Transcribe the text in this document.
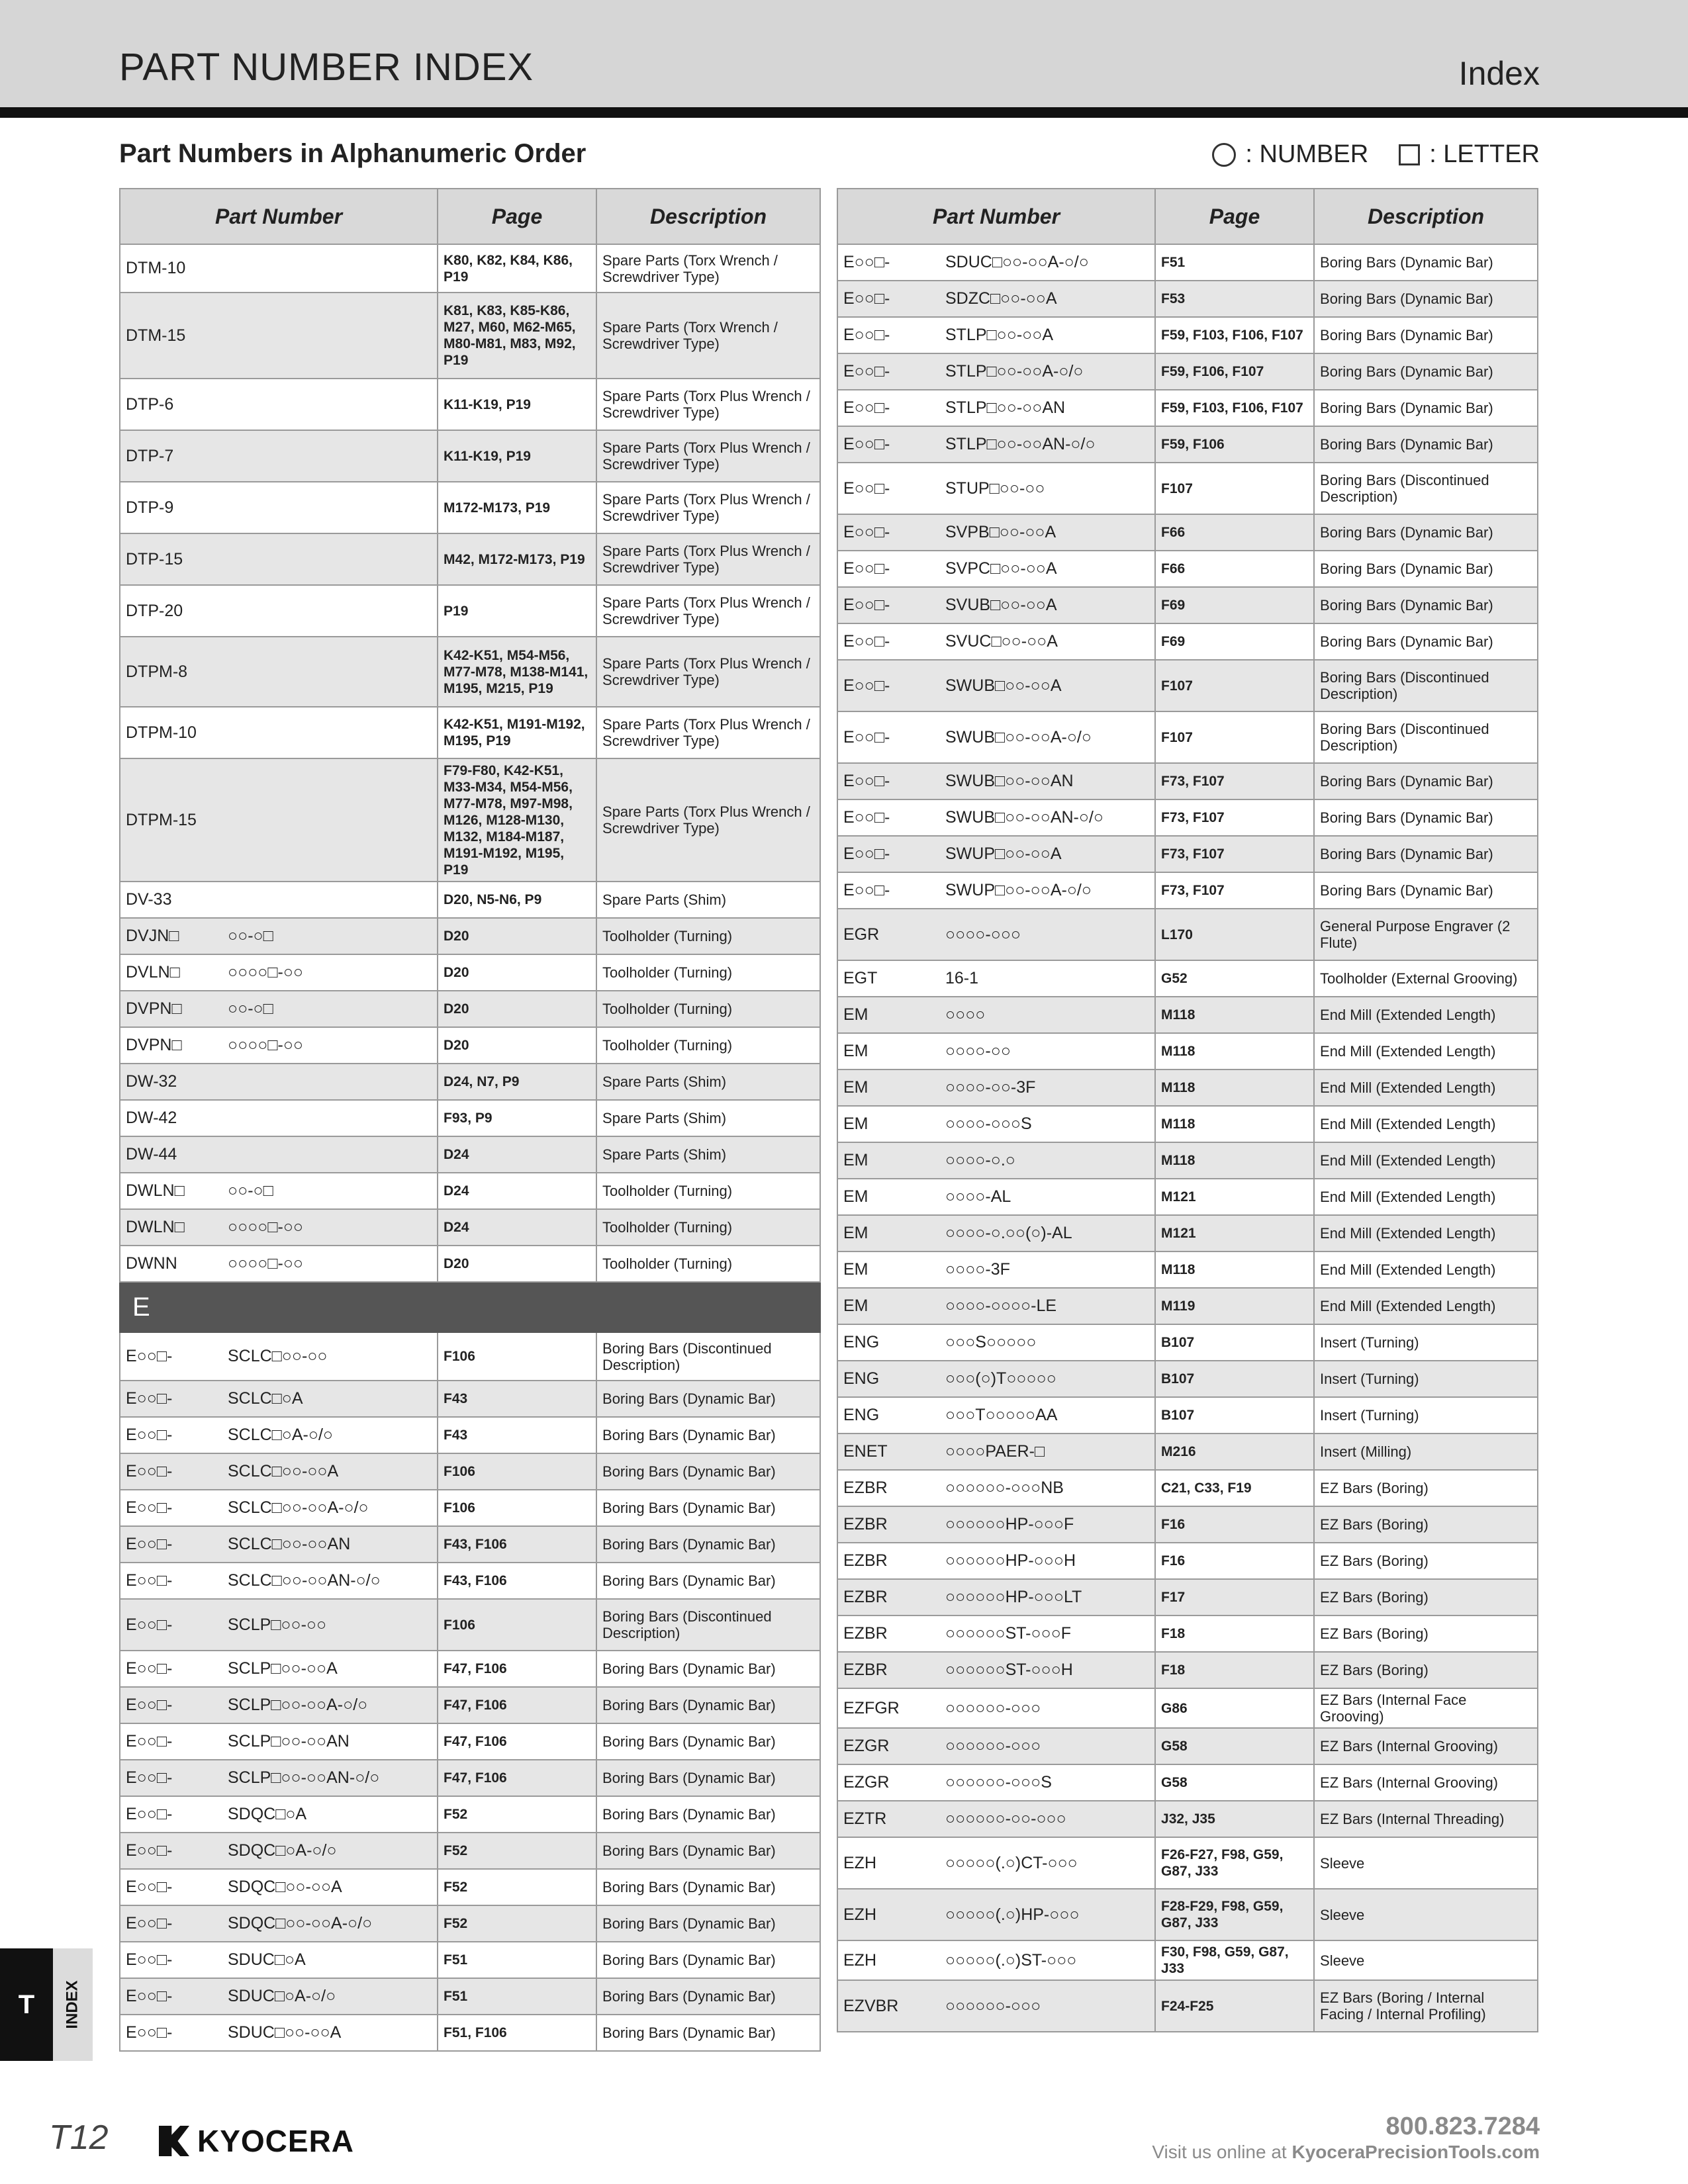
PART NUMBER INDEX	Index
Part Numbers in Alphanumeric Order	: NUMBER : LETTER
Part Number		Page	Description
DTM-10		K80, K82, K84, K86, P19	Spare Parts (Torx Wrench / Screwdriver Type)
DTM-15		K81, K83, K85-K86, M27, M60, M62-M65, M80-M81, M83, M92, P19	Spare Parts (Torx Wrench / Screwdriver Type)
DTP-6		K11-K19, P19	Spare Parts (Torx Plus Wrench / Screwdriver Type)
DTP-7		K11-K19, P19	Spare Parts (Torx Plus Wrench / Screwdriver Type)
DTP-9		M172-M173, P19	Spare Parts (Torx Plus Wrench / Screwdriver Type)
DTP-15		M42, M172-M173, P19	Spare Parts (Torx Plus Wrench / Screwdriver Type)
DTP-20		P19	Spare Parts (Torx Plus Wrench / Screwdriver Type)
DTPM-8		K42-K51, M54-M56, M77-M78, M138-M141, M195, M215, P19	Spare Parts (Torx Plus Wrench / Screwdriver Type)
DTPM-10		K42-K51, M191-M192, M195, P19	Spare Parts (Torx Plus Wrench / Screwdriver Type)
DTPM-15		F79-F80, K42-K51, M33-M34, M54-M56, M77-M78, M97-M98, M126, M128-M130, M132, M184-M187, M191-M192, M195, P19	Spare Parts (Torx Plus Wrench / Screwdriver Type)
DV-33		D20, N5-N6, P9	Spare Parts (Shim)
DVJN□	○○-○□	D20	Toolholder (Turning)
DVLN□	○○○○□-○○	D20	Toolholder (Turning)
DVPN□	○○-○□	D20	Toolholder (Turning)
DVPN□	○○○○□-○○	D20	Toolholder (Turning)
DW-32		D24, N7, P9	Spare Parts (Shim)
DW-42		F93, P9	Spare Parts (Shim)
DW-44		D24	Spare Parts (Shim)
DWLN□	○○-○□	D24	Toolholder (Turning)
DWLN□	○○○○□-○○	D24	Toolholder (Turning)
DWNN	○○○○□-○○	D20	Toolholder (Turning)
E			
E○○□-	SCLC□○○-○○	F106	Boring Bars (Discontinued Description)
E○○□-	SCLC□○A	F43	Boring Bars (Dynamic Bar)
E○○□-	SCLC□○A-○/○	F43	Boring Bars (Dynamic Bar)
E○○□-	SCLC□○○-○○A	F106	Boring Bars (Dynamic Bar)
E○○□-	SCLC□○○-○○A-○/○	F106	Boring Bars (Dynamic Bar)
E○○□-	SCLC□○○-○○AN	F43, F106	Boring Bars (Dynamic Bar)
E○○□-	SCLC□○○-○○AN-○/○	F43, F106	Boring Bars (Dynamic Bar)
E○○□-	SCLP□○○-○○	F106	Boring Bars (Discontinued Description)
E○○□-	SCLP□○○-○○A	F47, F106	Boring Bars (Dynamic Bar)
E○○□-	SCLP□○○-○○A-○/○	F47, F106	Boring Bars (Dynamic Bar)
E○○□-	SCLP□○○-○○AN	F47, F106	Boring Bars (Dynamic Bar)
E○○□-	SCLP□○○-○○AN-○/○	F47, F106	Boring Bars (Dynamic Bar)
E○○□-	SDQC□○A	F52	Boring Bars (Dynamic Bar)
E○○□-	SDQC□○A-○/○	F52	Boring Bars (Dynamic Bar)
E○○□-	SDQC□○○-○○A	F52	Boring Bars (Dynamic Bar)
E○○□-	SDQC□○○-○○A-○/○	F52	Boring Bars (Dynamic Bar)
E○○□-	SDUC□○A	F51	Boring Bars (Dynamic Bar)
E○○□-	SDUC□○A-○/○	F51	Boring Bars (Dynamic Bar)
E○○□-	SDUC□○○-○○A	F51, F106	Boring Bars (Dynamic Bar)
Part Number		Page	Description
E○○□-	SDUC□○○-○○A-○/○	F51	Boring Bars (Dynamic Bar)
E○○□-	SDZC□○○-○○A	F53	Boring Bars (Dynamic Bar)
E○○□-	STLP□○○-○○A	F59, F103, F106, F107	Boring Bars (Dynamic Bar)
E○○□-	STLP□○○-○○A-○/○	F59, F106, F107	Boring Bars (Dynamic Bar)
E○○□-	STLP□○○-○○AN	F59, F103, F106, F107	Boring Bars (Dynamic Bar)
E○○□-	STLP□○○-○○AN-○/○	F59, F106	Boring Bars (Dynamic Bar)
E○○□-	STUP□○○-○○	F107	Boring Bars (Discontinued Description)
E○○□-	SVPB□○○-○○A	F66	Boring Bars (Dynamic Bar)
E○○□-	SVPC□○○-○○A	F66	Boring Bars (Dynamic Bar)
E○○□-	SVUB□○○-○○A	F69	Boring Bars (Dynamic Bar)
E○○□-	SVUC□○○-○○A	F69	Boring Bars (Dynamic Bar)
E○○□-	SWUB□○○-○○A	F107	Boring Bars (Discontinued Description)
E○○□-	SWUB□○○-○○A-○/○	F107	Boring Bars (Discontinued Description)
E○○□-	SWUB□○○-○○AN	F73, F107	Boring Bars (Dynamic Bar)
E○○□-	SWUB□○○-○○AN-○/○	F73, F107	Boring Bars (Dynamic Bar)
E○○□-	SWUP□○○-○○A	F73, F107	Boring Bars (Dynamic Bar)
E○○□-	SWUP□○○-○○A-○/○	F73, F107	Boring Bars (Dynamic Bar)
EGR	○○○○-○○○	L170	General Purpose Engraver (2 Flute)
EGT	16-1	G52	Toolholder (External Grooving)
EM	○○○○	M118	End Mill (Extended Length)
EM	○○○○-○○	M118	End Mill (Extended Length)
EM	○○○○-○○-3F	M118	End Mill (Extended Length)
EM	○○○○-○○○S	M118	End Mill (Extended Length)
EM	○○○○-○.○	M118	End Mill (Extended Length)
EM	○○○○-AL	M121	End Mill (Extended Length)
EM	○○○○-○.○○(○)-AL	M121	End Mill (Extended Length)
EM	○○○○-3F	M118	End Mill (Extended Length)
EM	○○○○-○○○○-LE	M119	End Mill (Extended Length)
ENG	○○○S○○○○○	B107	Insert (Turning)
ENG	○○○(○)T○○○○○	B107	Insert (Turning)
ENG	○○○T○○○○○AA	B107	Insert (Turning)
ENET	○○○○PAER-□	M216	Insert (Milling)
EZBR	○○○○○○-○○○NB	C21, C33, F19	EZ Bars (Boring)
EZBR	○○○○○○HP-○○○F	F16	EZ Bars (Boring)
EZBR	○○○○○○HP-○○○H	F16	EZ Bars (Boring)
EZBR	○○○○○○HP-○○○LT	F17	EZ Bars (Boring)
EZBR	○○○○○○ST-○○○F	F18	EZ Bars (Boring)
EZBR	○○○○○○ST-○○○H	F18	EZ Bars (Boring)
EZFGR	○○○○○○-○○○	G86	EZ Bars (Internal Face Grooving)
EZGR	○○○○○○-○○○	G58	EZ Bars (Internal Grooving)
EZGR	○○○○○○-○○○S	G58	EZ Bars (Internal Grooving)
EZTR	○○○○○○-○○-○○○	J32, J35	EZ Bars (Internal Threading)
EZH	○○○○○(.○)CT-○○○	F26-F27, F98, G59, G87, J33	Sleeve
EZH	○○○○○(.○)HP-○○○	F28-F29, F98, G59, G87, J33	Sleeve
EZH	○○○○○(.○)ST-○○○	F30, F98, G59, G87, J33	Sleeve
EZVBR	○○○○○○-○○○	F24-F25	EZ Bars (Boring / Internal Facing / Internal Profiling)
T	INDEX
T12	KYOCERA	800.823.7284
Visit us online at KyoceraPrecisionTools.com
